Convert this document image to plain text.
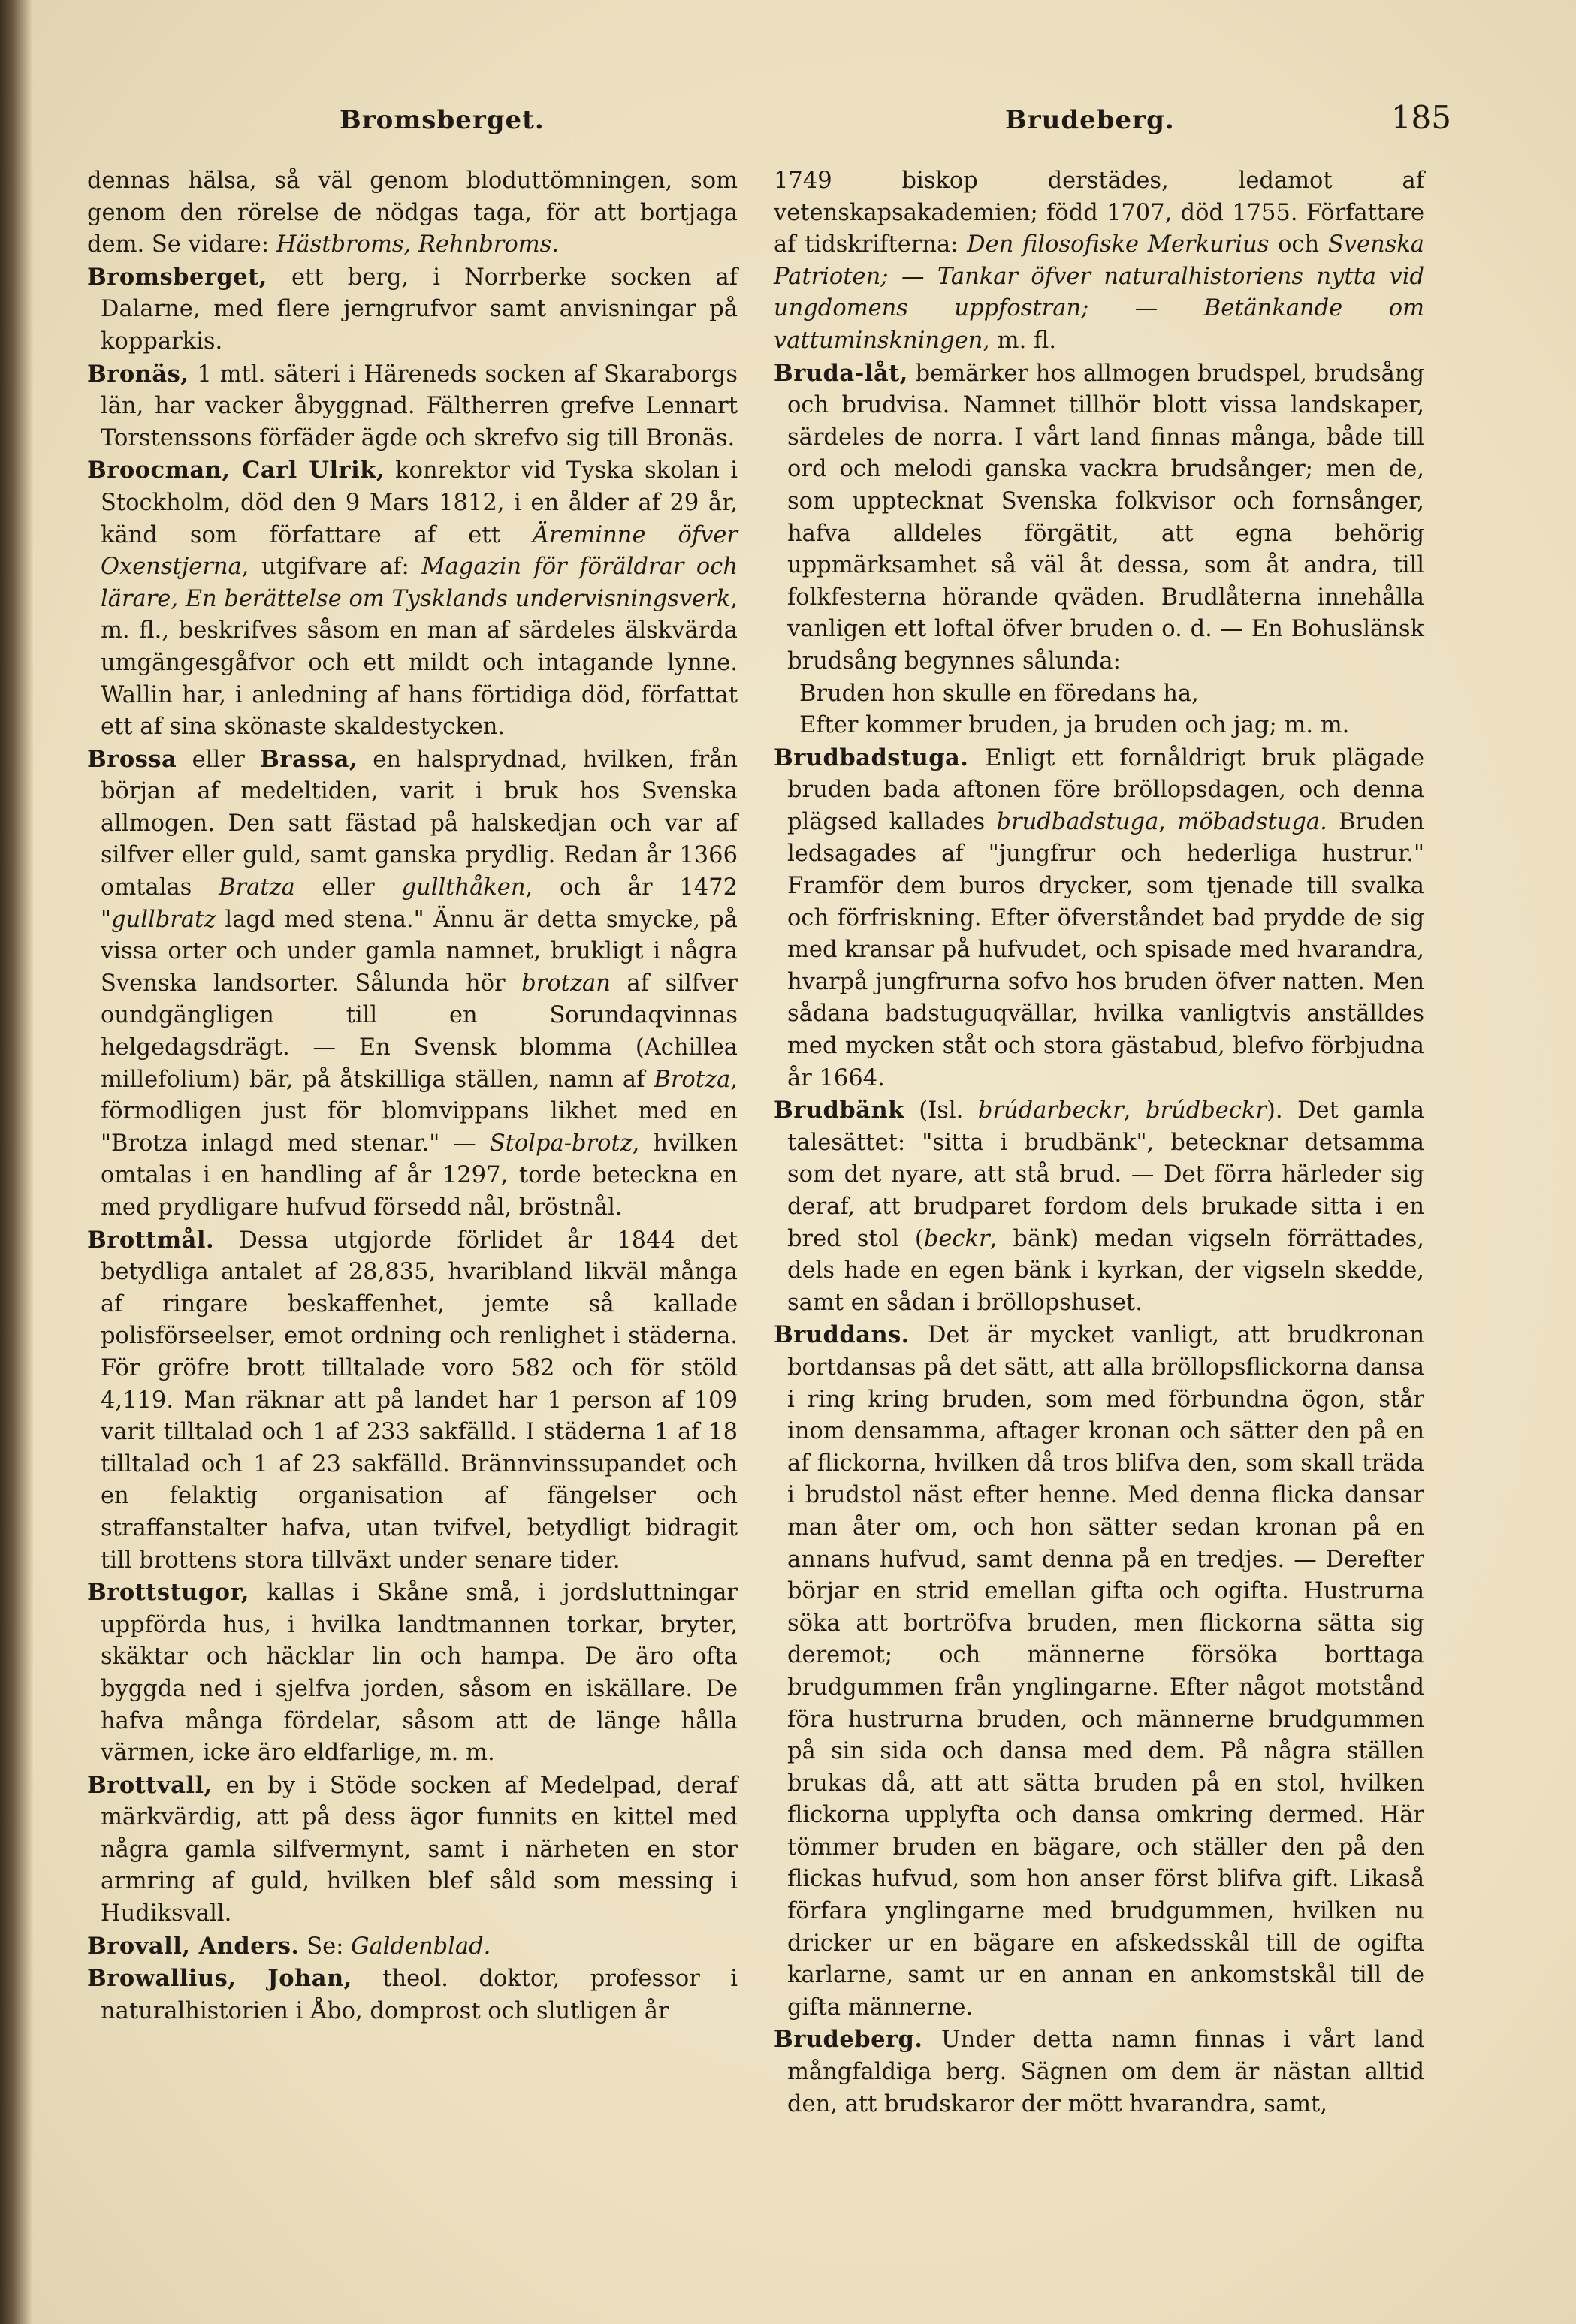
Bromsberget.	Brudeberg.	185

dennas hälsa, så väl genom bloduttömningen, som genom den rörelse de nödgas taga, för att bortjaga dem. Se vidare: Hästbroms, Rehnbroms.

Bromsberget, ett berg, i Norrberke socken af Dalarne, med flere jerngrufvor samt anvisningar på kopparkis.

Bronäs, 1 mtl. säteri i Häreneds socken af Skaraborgs län, har vacker åbyggnad. Fältherren grefve Lennart Torstenssons förfäder ägde och skrefvo sig till Bronäs.

Broocman, Carl Ulrik, konrektor vid Tyska skolan i Stockholm, död den 9 Mars 1812, i en ålder af 29 år, känd som författare af ett Äreminne öfver Oxenstjerna, utgifvare af: Magazin för föräldrar och lärare, En berättelse om Tysklands undervisningsverk, m. fl., beskrifves såsom en man af särdeles älskvärda umgängesgåfvor och ett mildt och intagande lynne. Wallin har, i anledning af hans förtidiga död, författat ett af sina skönaste skaldestycken.

Brossa eller Brassa, en halsprydnad, hvilken, från början af medeltiden, varit i bruk hos Svenska allmogen. Den satt fästad på halskedjan och var af silfver eller guld, samt ganska prydlig. Redan år 1366 omtalas Bratza eller gullthåken, och år 1472 "gullbratz lagd med stena." Ännu är detta smycke, på vissa orter och under gamla namnet, brukligt i några Svenska landsorter. Sålunda hör brotzan af silfver oundgängligen till en Sorundaqvinnas helgedagsdrägt. — En Svensk blomma (Achillea millefolium) bär, på åtskilliga ställen, namn af Brotza, förmodligen just för blomvippans likhet med en "Brotza inlagd med stenar." — Stolpa-brotz, hvilken omtalas i en handling af år 1297, torde beteckna en med prydligare hufvud försedd nål, bröstnål.

Brottmål. Dessa utgjorde förlidet år 1844 det betydliga antalet af 28,835, hvaribland likväl många af ringare beskaffenhet, jemte så kallade polisförseelser, emot ordning och renlighet i städerna. För gröfre brott tilltalade voro 582 och för stöld 4,119. Man räknar att på landet har 1 person af 109 varit tilltalad och 1 af 233 sakfälld. I städerna 1 af 18 tilltalad och 1 af 23 sakfälld. Brännvinssupandet och en felaktig organisation af fängelser och straffanstalter hafva, utan tvifvel, betydligt bidragit till brottens stora tillväxt under senare tider.

Brottstugor, kallas i Skåne små, i jordsluttningar uppförda hus, i hvilka landtmannen torkar, bryter, skäktar och häcklar lin och hampa. De äro ofta byggda ned i sjelfva jorden, såsom en iskällare. De hafva många fördelar, såsom att de länge hålla värmen, icke äro eldfarlige, m. m.

Brottvall, en by i Stöde socken af Medelpad, deraf märkvärdig, att på dess ägor funnits en kittel med några gamla silfvermynt, samt i närheten en stor armring af guld, hvilken blef såld som messing i Hudiksvall.

Brovall, Anders. Se: Galdenblad.

Browallius, Johan, theol. doktor, professor i naturalhistorien i Åbo, domprost och slutligen år

1749 biskop derstädes, ledamot af vetenskapsakademien; född 1707, död 1755. Författare af tidskrifterna: Den filosofiske Merkurius och Svenska Patrioten; — Tankar öfver naturalhistoriens nytta vid ungdomens uppfostran; — Betänkande om vattuminskningen, m. fl.

Bruda-låt, bemärker hos allmogen brudspel, brudsång och brudvisa. Namnet tillhör blott vissa landskaper, särdeles de norra. I vårt land finnas många, både till ord och melodi ganska vackra brudsånger; men de, som upptecknat Svenska folkvisor och fornsånger, hafva alldeles förgätit, att egna behörig uppmärksamhet så väl åt dessa, som åt andra, till folkfesterna hörande qväden. Brudlåterna innehålla vanligen ett loftal öfver bruden o. d. — En Bohuslänsk brudsång begynnes sålunda:

Bruden hon skulle en föredans ha,

Efter kommer bruden, ja bruden och jag; m. m.

Brudbadstuga. Enligt ett fornåldrigt bruk plägade bruden bada aftonen före bröllopsdagen, och denna plägsed kallades brudbadstuga, möbadstuga. Bruden ledsagades af "jungfrur och hederliga hustrur." Framför dem buros drycker, som tjenade till svalka och förfriskning. Efter öfverståndet bad prydde de sig med kransar på hufvudet, och spisade med hvarandra, hvarpå jungfrurna sofvo hos bruden öfver natten. Men sådana badstuguqvällar, hvilka vanligtvis anställdes med mycken ståt och stora gästabud, blefvo förbjudna år 1664.

Brudbänk (Isl. brúdarbeckr, brúdbeckr). Det gamla talesättet: "sitta i brudbänk", betecknar detsamma som det nyare, att stå brud. — Det förra härleder sig deraf, att brudparet fordom dels brukade sitta i en bred stol (beckr, bänk) medan vigseln förrättades, dels hade en egen bänk i kyrkan, der vigseln skedde, samt en sådan i bröllopshuset.

Bruddans. Det är mycket vanligt, att brudkronan bortdansas på det sätt, att alla bröllopsflickorna dansa i ring kring bruden, som med förbundna ögon, står inom densamma, aftager kronan och sätter den på en af flickorna, hvilken då tros blifva den, som skall träda i brudstol näst efter henne. Med denna flicka dansar man åter om, och hon sätter sedan kronan på en annans hufvud, samt denna på en tredjes. — Derefter börjar en strid emellan gifta och ogifta. Hustrurna söka att bortröfva bruden, men flickorna sätta sig deremot; och männerne försöka borttaga brudgummen från ynglingarne. Efter något motstånd föra hustrurna bruden, och männerne brudgummen på sin sida och dansa med dem. På några ställen brukas då, att att sätta bruden på en stol, hvilken flickorna upplyfta och dansa omkring dermed. Här tömmer bruden en bägare, och ställer den på den flickas hufvud, som hon anser först blifva gift. Likaså förfara ynglingarne med brudgummen, hvilken nu dricker ur en bägare en afskedsskål till de ogifta karlarne, samt ur en annan en ankomstskål till de gifta männerne.

Brudeberg. Under detta namn finnas i vårt land mångfaldiga berg. Sägnen om dem är nästan alltid den, att brudskaror der mött hvarandra, samt,
